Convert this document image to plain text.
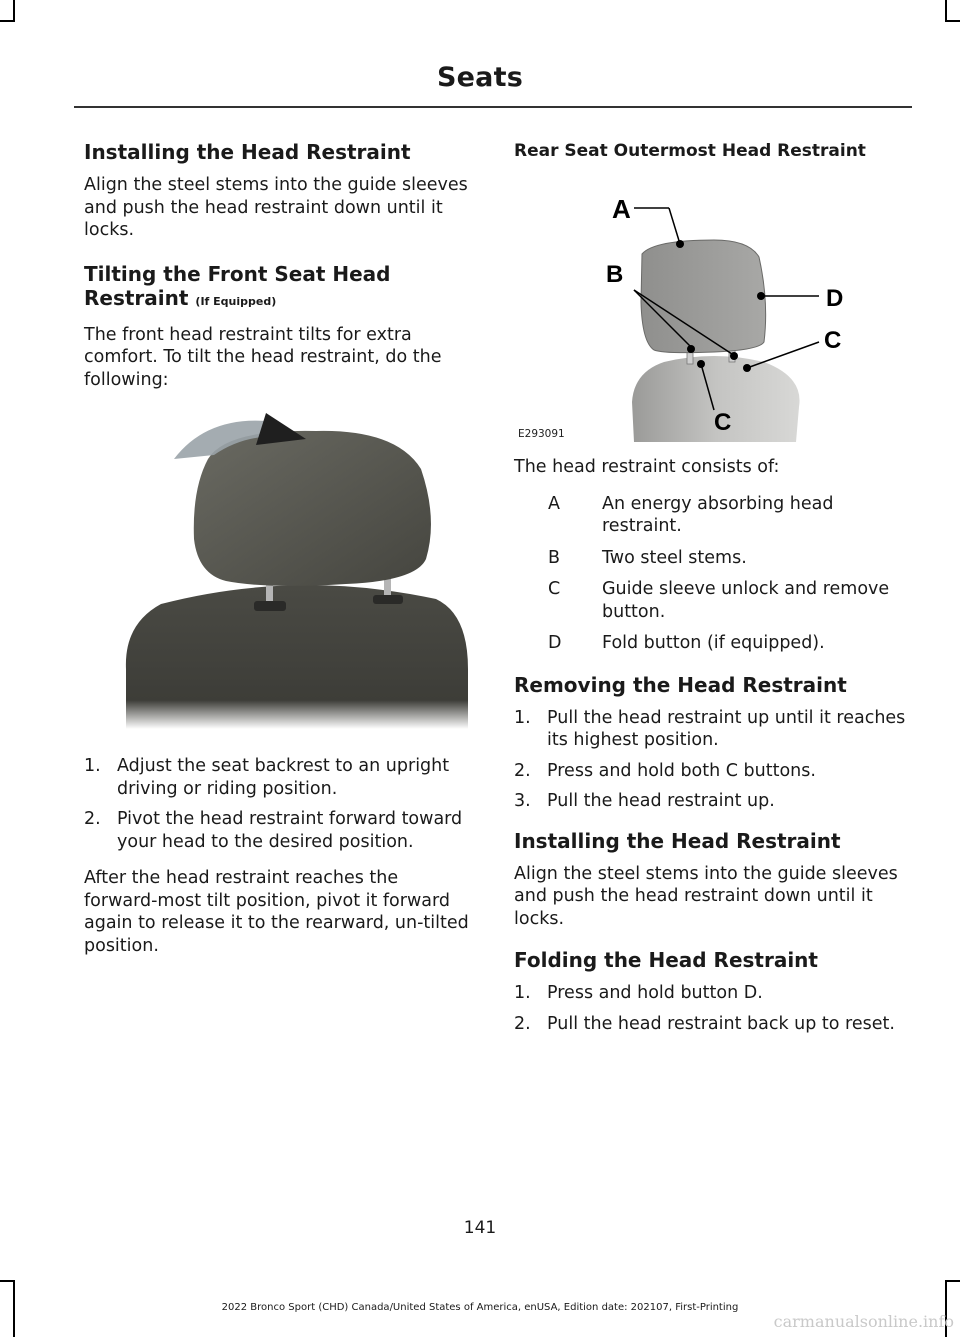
Seats
Installing the Head Restraint

Align the steel stems into the guide sleeves and push the head restraint down until it locks.

Tilting the Front Seat Head
Restraint (If Equipped)

The front head restraint tilts for extra comfort. To tilt the head restraint, do the following:

1. Adjust the seat backrest to an upright driving or riding position.
2. Pivot the head restraint forward toward your head to the desired position.

After the head restraint reaches the forward-most tilt position, pivot it forward again to release it to the rearward, un-tilted position.

Rear Seat Outermost Head Restraint
A
B
D
C
C
E293091

The head restraint consists of:

A	An energy absorbing head restraint.
B	Two steel stems.
C	Guide sleeve unlock and remove button.
D	Fold button (if equipped).
Removing the Head Restraint
1. Pull the head restraint up until it reaches its highest position.
2. Press and hold both C buttons.
3. Pull the head restraint up.
Installing the Head Restraint

Align the steel stems into the guide sleeves and push the head restraint down until it locks.

Folding the Head Restraint
1. Press and hold button D.
2. Pull the head restraint back up to reset.
141
2022 Bronco Sport (CHD) Canada/United States of America, enUSA, Edition date: 202107, First-Printing
carmanualsonline.info
